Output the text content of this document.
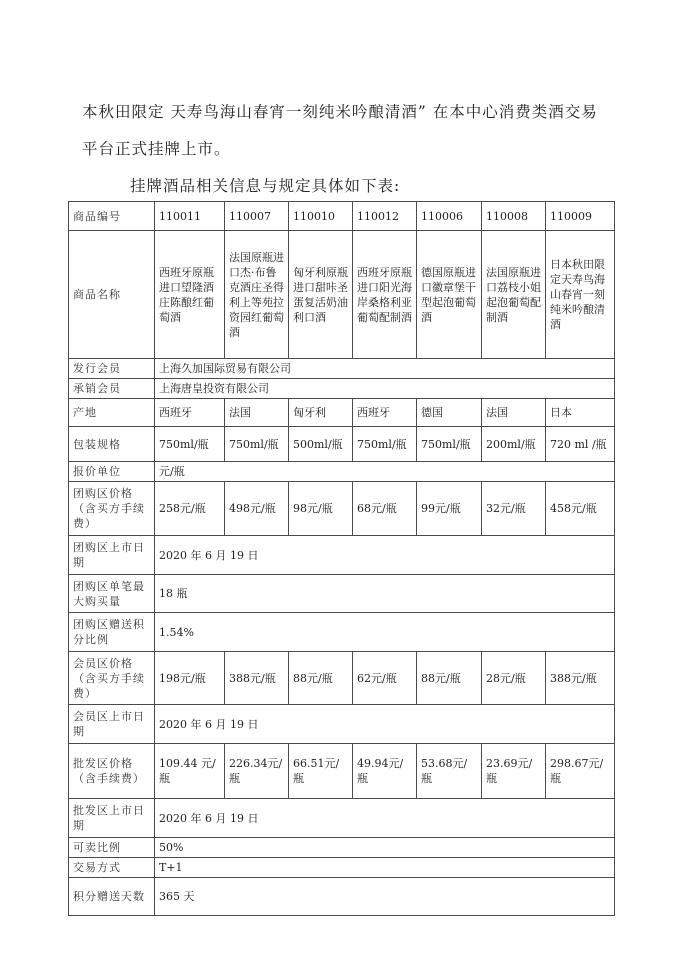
本秋田限定 天寿鸟海山春宵一刻纯米吟酿清酒” 在本中心消费类酒交易
平台正式挂牌上市。
挂牌酒品相关信息与规定具体如下表:
商品编号	110011	110007	110010	110012	110006	110008	110009
商品名称	西班牙原瓶进口望隆酒庄陈酿红葡萄酒	法国原瓶进口杰·布鲁克酒庄圣得利上等苑拉资园红葡萄酒	匈牙利原瓶进口甜咔圣蛋复活奶油利口酒	西班牙原瓶进口阳光海岸桑格利亚葡萄配制酒	德国原瓶进口徽章堡干型起泡葡萄酒	法国原瓶进口荔枝小姐起泡葡萄配制酒	日本秋田限定天寿鸟海山春宵一刻纯米吟酿清酒
发行会员	上海久加国际贸易有限公司						
承销会员	上海唐皇投资有限公司						
产地	西班牙	法国	匈牙利	西班牙	德国	法国	日本
包装规格	750ml/瓶	750ml/瓶	500ml/瓶	750ml/瓶	750ml/瓶	200ml/瓶	720 ml /瓶
报价单位	元/瓶						
团购区价格（含买方手续费）	258元/瓶	498元/瓶	98元/瓶	68元/瓶	99元/瓶	32元/瓶	458元/瓶
团购区上市日期	2020 年 6 月 19 日						
团购区单笔最大购买量	18 瓶						
团购区赠送积分比例	1.54%						
会员区价格（含买方手续费）	198元/瓶	388元/瓶	88元/瓶	62元/瓶	88元/瓶	28元/瓶	388元/瓶
会员区上市日期	2020 年 6 月 19 日						
批发区价格（含手续费）	109.44 元/瓶	226.34元/瓶	66.51元/瓶	49.94元/瓶	53.68元/瓶	23.69元/瓶	298.67元/瓶
批发区上市日期	2020 年 6 月 19 日						
可卖比例	50%						
交易方式	T+1						
积分赠送天数	365 天						
